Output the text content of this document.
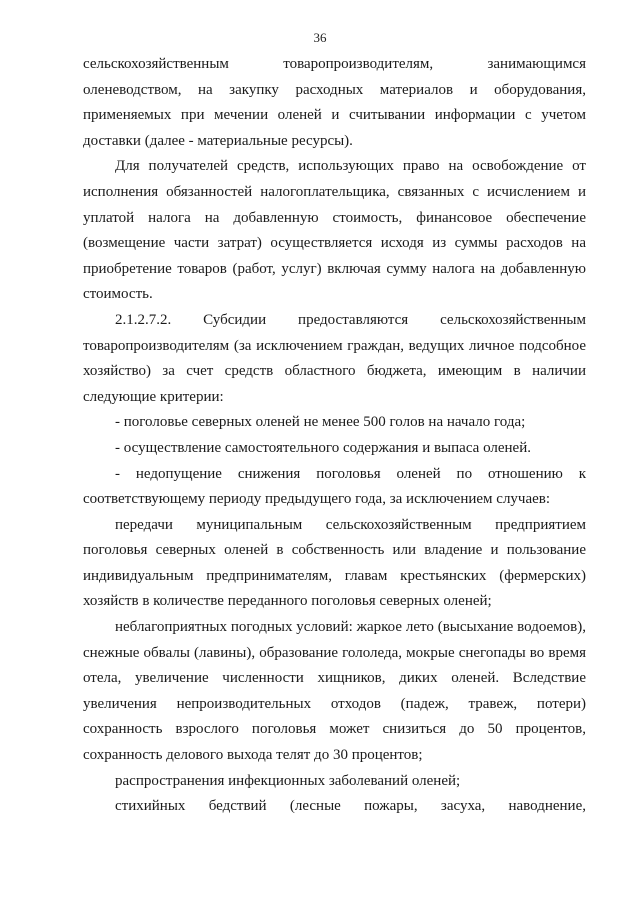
36

сельскохозяйственным товаропроизводителям, занимающимся оленеводством, на закупку расходных материалов и оборудования, применяемых при мечении оленей и считывании информации с учетом доставки (далее - материальные ресурсы).

Для получателей средств, использующих право на освобождение от исполнения обязанностей налогоплательщика, связанных с исчислением и уплатой налога на добавленную стоимость, финансовое обеспечение (возмещение части затрат) осуществляется исходя из суммы расходов на приобретение товаров (работ, услуг) включая сумму налога на добавленную стоимость.

2.1.2.7.2. Субсидии предоставляются сельскохозяйственным товаропроизводителям (за исключением граждан, ведущих личное подсобное хозяйство) за счет средств областного бюджета, имеющим в наличии следующие критерии:

- поголовье северных оленей не менее 500 голов на начало года;

- осуществление самостоятельного содержания и выпаса оленей.

- недопущение снижения поголовья оленей по отношению к соответствующему периоду предыдущего года, за исключением случаев:

передачи муниципальным сельскохозяйственным предприятием поголовья северных оленей в собственность или владение и пользование индивидуальным предпринимателям, главам крестьянских (фермерских) хозяйств в количестве переданного поголовья северных оленей;

неблагоприятных погодных условий: жаркое лето (высыхание водоемов), снежные обвалы (лавины), образование гололеда, мокрые снегопады во время отела, увеличение численности хищников, диких оленей. Вследствие увеличения непроизводительных отходов (падеж, травеж, потери) сохранность взрослого поголовья может снизиться до 50 процентов, сохранность делового выхода телят до 30 процентов;

распространения инфекционных заболеваний оленей;

стихийных бедствий (лесные пожары, засуха, наводнение,
